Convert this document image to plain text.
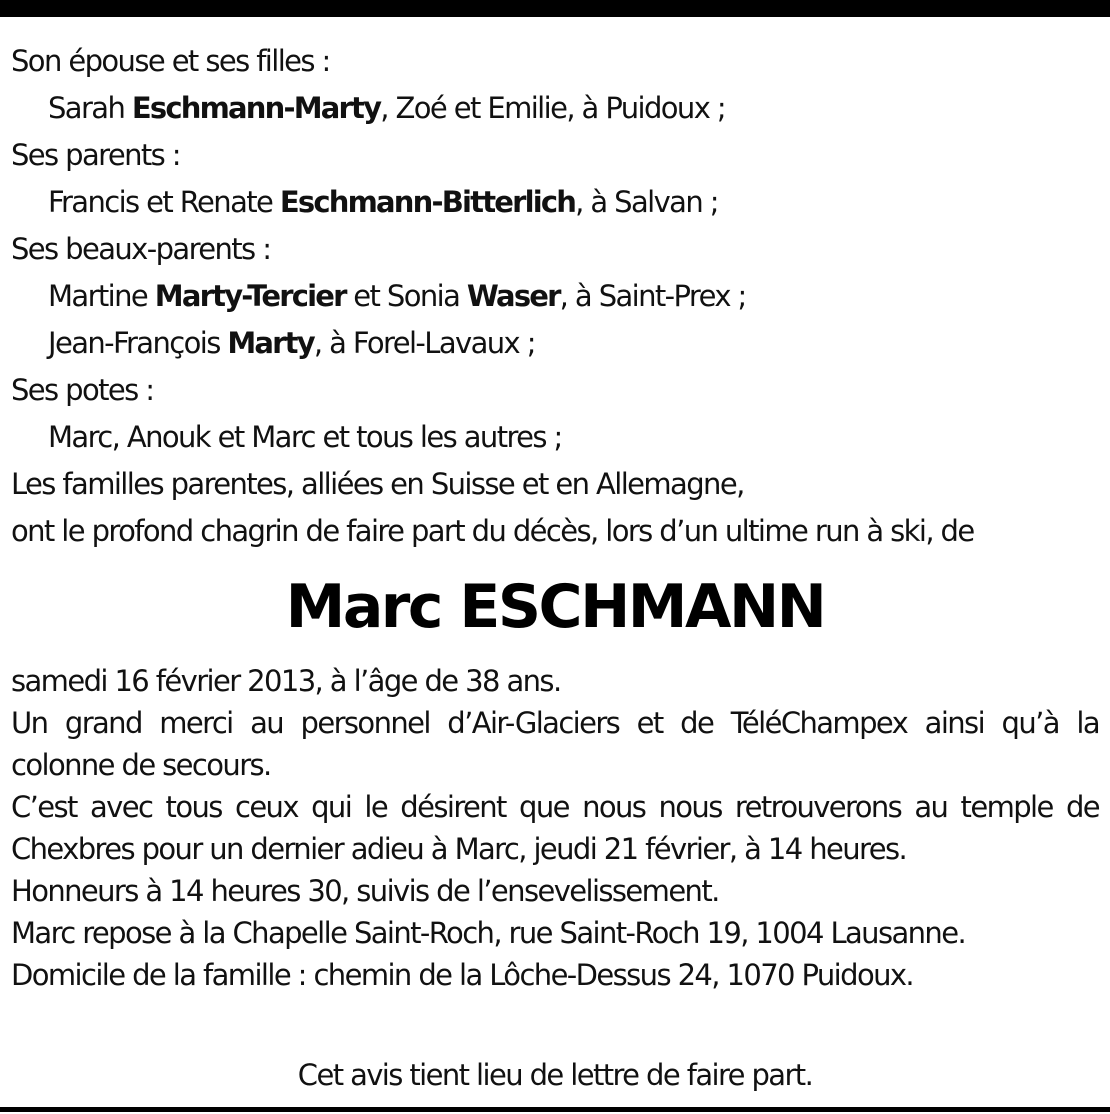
Son épouse et ses filles :
Sarah Eschmann-Marty, Zoé et Emilie, à Puidoux ;
Ses parents :
Francis et Renate Eschmann-Bitterlich, à Salvan ;
Ses beaux-parents :
Martine Marty-Tercier et Sonia Waser, à Saint-Prex ;
Jean-François Marty, à Forel-Lavaux ;
Ses potes :
Marc, Anouk et Marc et tous les autres ;
Les familles parentes, alliées en Suisse et en Allemagne,
ont le profond chagrin de faire part du décès, lors d’un ultime run à ski, de
Marc ESCHMANN
samedi 16 février 2013, à l’âge de 38 ans.
Un grand merci au personnel d’Air-Glaciers et de TéléChampex ainsi qu’à la colonne de secours.
C’est avec tous ceux qui le désirent que nous nous retrouverons au temple de Chexbres pour un dernier adieu à Marc, jeudi 21 février, à 14 heures.
Honneurs à 14 heures 30, suivis de l’ensevelissement.
Marc repose à la Chapelle Saint-Roch, rue Saint-Roch 19, 1004 Lausanne.
Domicile de la famille : chemin de la Lôche-Dessus 24, 1070 Puidoux.
Cet avis tient lieu de lettre de faire part.
